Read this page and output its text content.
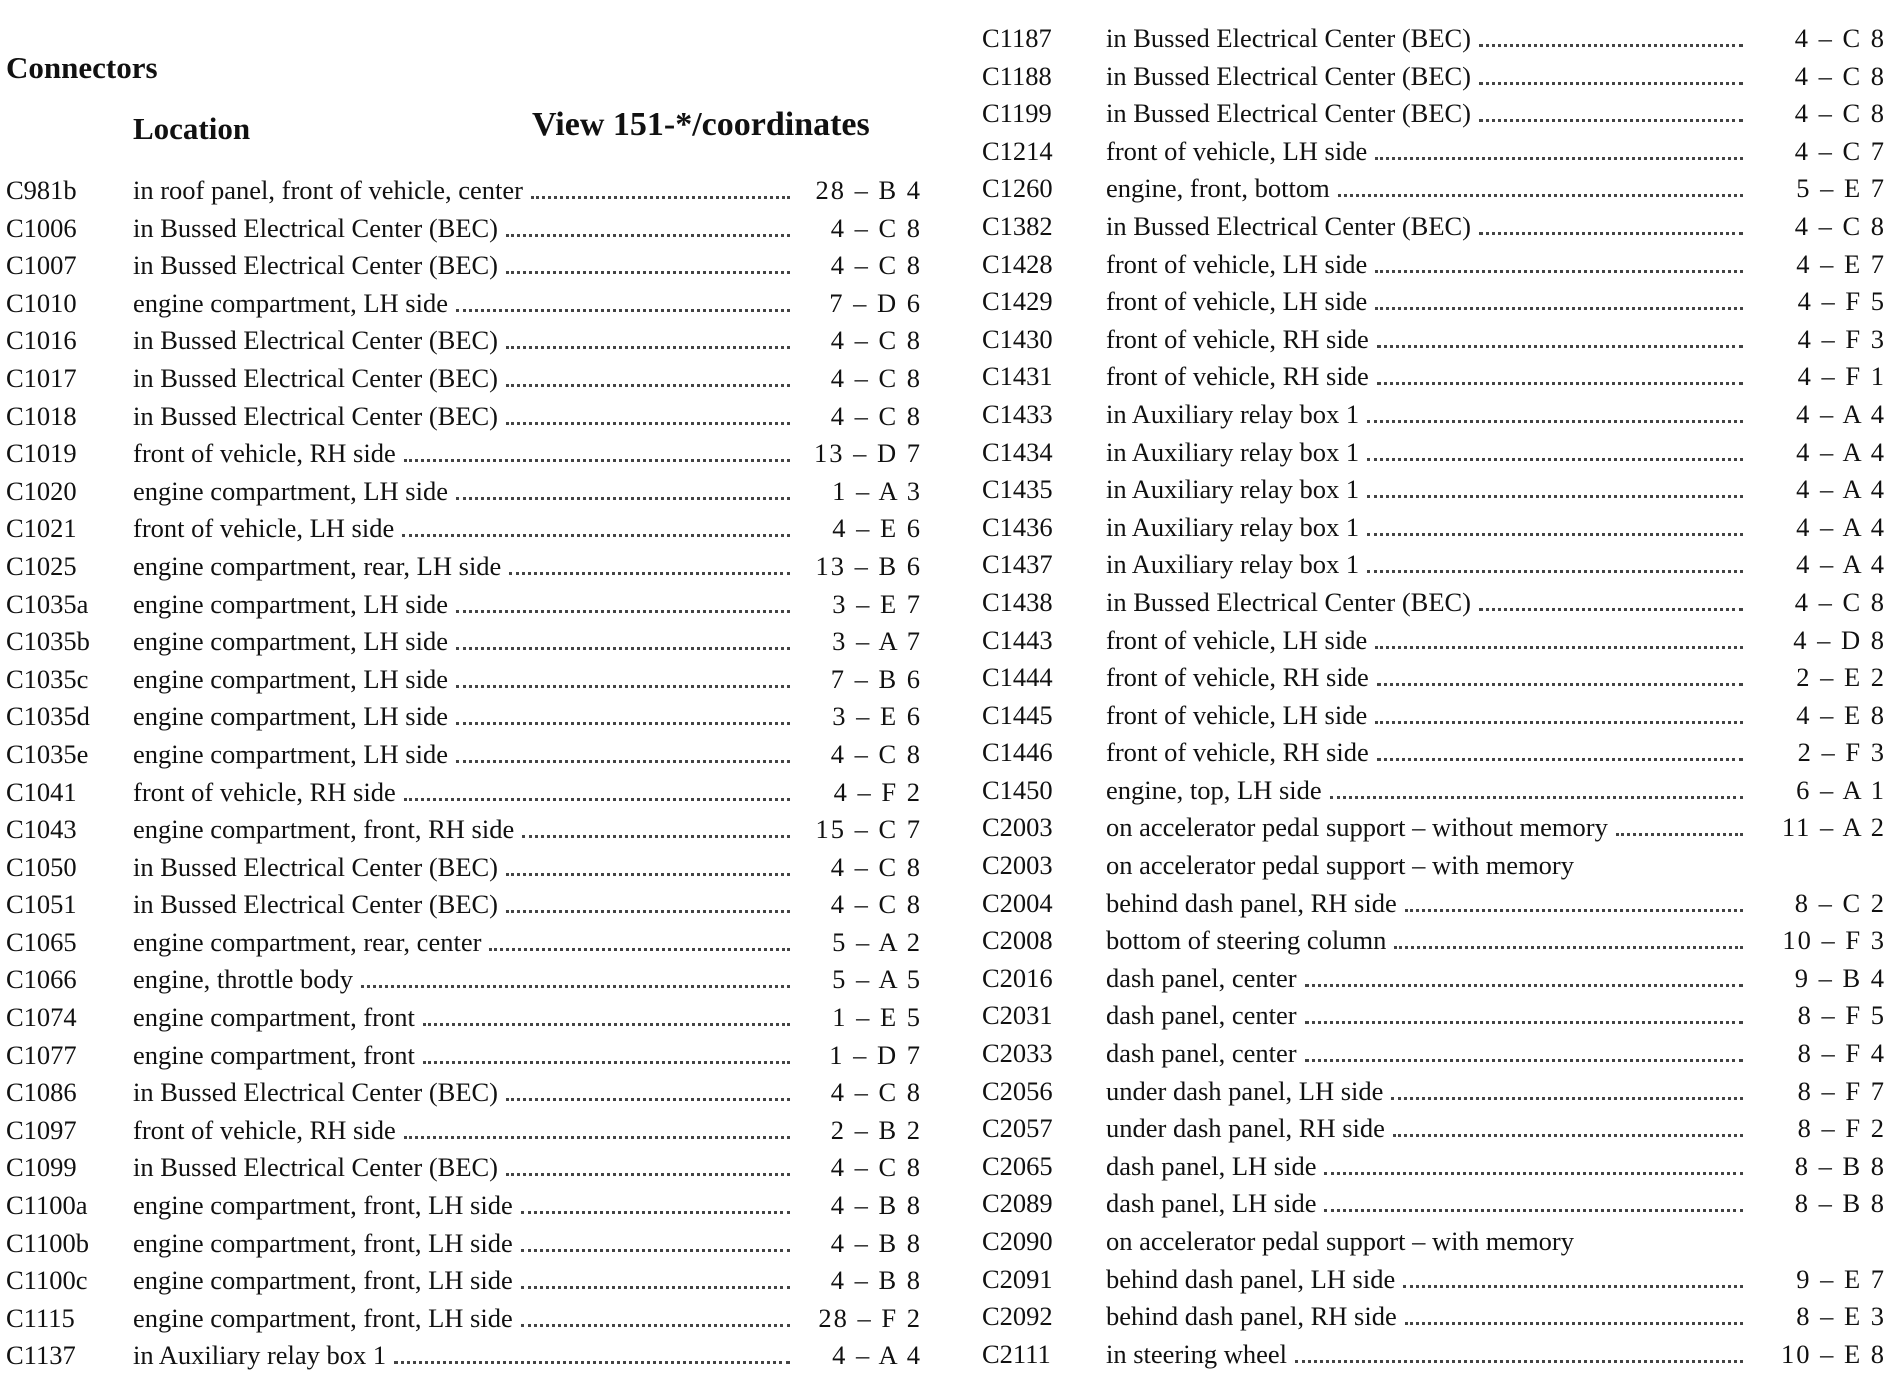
Connectors
Location	View 151-*/coordinates
C981b in roof panel, front of vehicle, center	28 – B 4
C1006 in Bussed Electrical Center (BEC)	4 – C 8
C1007 in Bussed Electrical Center (BEC)	4 – C 8
C1010 engine compartment, LH side	7 – D 6
C1016 in Bussed Electrical Center (BEC)	4 – C 8
C1017 in Bussed Electrical Center (BEC)	4 – C 8
C1018 in Bussed Electrical Center (BEC)	4 – C 8
C1019 front of vehicle, RH side	13 – D 7
C1020 engine compartment, LH side	1 – A 3
C1021 front of vehicle, LH side	4 – E 6
C1025 engine compartment, rear, LH side	13 – B 6
C1035a engine compartment, LH side	3 – E 7
C1035b engine compartment, LH side	3 – A 7
C1035c engine compartment, LH side	7 – B 6
C1035d engine compartment, LH side	3 – E 6
C1035e engine compartment, LH side	4 – C 8
C1041 front of vehicle, RH side	4 – F 2
C1043 engine compartment, front, RH side	15 – C 7
C1050 in Bussed Electrical Center (BEC)	4 – C 8
C1051 in Bussed Electrical Center (BEC)	4 – C 8
C1065 engine compartment, rear, center	5 – A 2
C1066 engine, throttle body	5 – A 5
C1074 engine compartment, front	1 – E 5
C1077 engine compartment, front	1 – D 7
C1086 in Bussed Electrical Center (BEC)	4 – C 8
C1097 front of vehicle, RH side	2 – B 2
C1099 in Bussed Electrical Center (BEC)	4 – C 8
C1100a engine compartment, front, LH side	4 – B 8
C1100b engine compartment, front, LH side	4 – B 8
C1100c engine compartment, front, LH side	4 – B 8
C1115 engine compartment, front, LH side	28 – F 2
C1137 in Auxiliary relay box 1	4 – A 4
C1187 in Bussed Electrical Center (BEC)	4 – C 8
C1188 in Bussed Electrical Center (BEC)	4 – C 8
C1199 in Bussed Electrical Center (BEC)	4 – C 8
C1214 front of vehicle, LH side	4 – C 7
C1260 engine, front, bottom	5 – E 7
C1382 in Bussed Electrical Center (BEC)	4 – C 8
C1428 front of vehicle, LH side	4 – E 7
C1429 front of vehicle, LH side	4 – F 5
C1430 front of vehicle, RH side	4 – F 3
C1431 front of vehicle, RH side	4 – F 1
C1433 in Auxiliary relay box 1	4 – A 4
C1434 in Auxiliary relay box 1	4 – A 4
C1435 in Auxiliary relay box 1	4 – A 4
C1436 in Auxiliary relay box 1	4 – A 4
C1437 in Auxiliary relay box 1	4 – A 4
C1438 in Bussed Electrical Center (BEC)	4 – C 8
C1443 front of vehicle, LH side	4 – D 8
C1444 front of vehicle, RH side	2 – E 2
C1445 front of vehicle, LH side	4 – E 8
C1446 front of vehicle, RH side	2 – F 3
C1450 engine, top, LH side	6 – A 1
C2003 on accelerator pedal support – without memory	11 – A 2
C2003 on accelerator pedal support – with memory
C2004 behind dash panel, RH side	8 – C 2
C2008 bottom of steering column	10 – F 3
C2016 dash panel, center	9 – B 4
C2031 dash panel, center	8 – F 5
C2033 dash panel, center	8 – F 4
C2056 under dash panel, LH side	8 – F 7
C2057 under dash panel, RH side	8 – F 2
C2065 dash panel, LH side	8 – B 8
C2089 dash panel, LH side	8 – B 8
C2090 on accelerator pedal support – with memory
C2091 behind dash panel, LH side	9 – E 7
C2092 behind dash panel, RH side	8 – E 3
C2111 in steering wheel	10 – E 8
